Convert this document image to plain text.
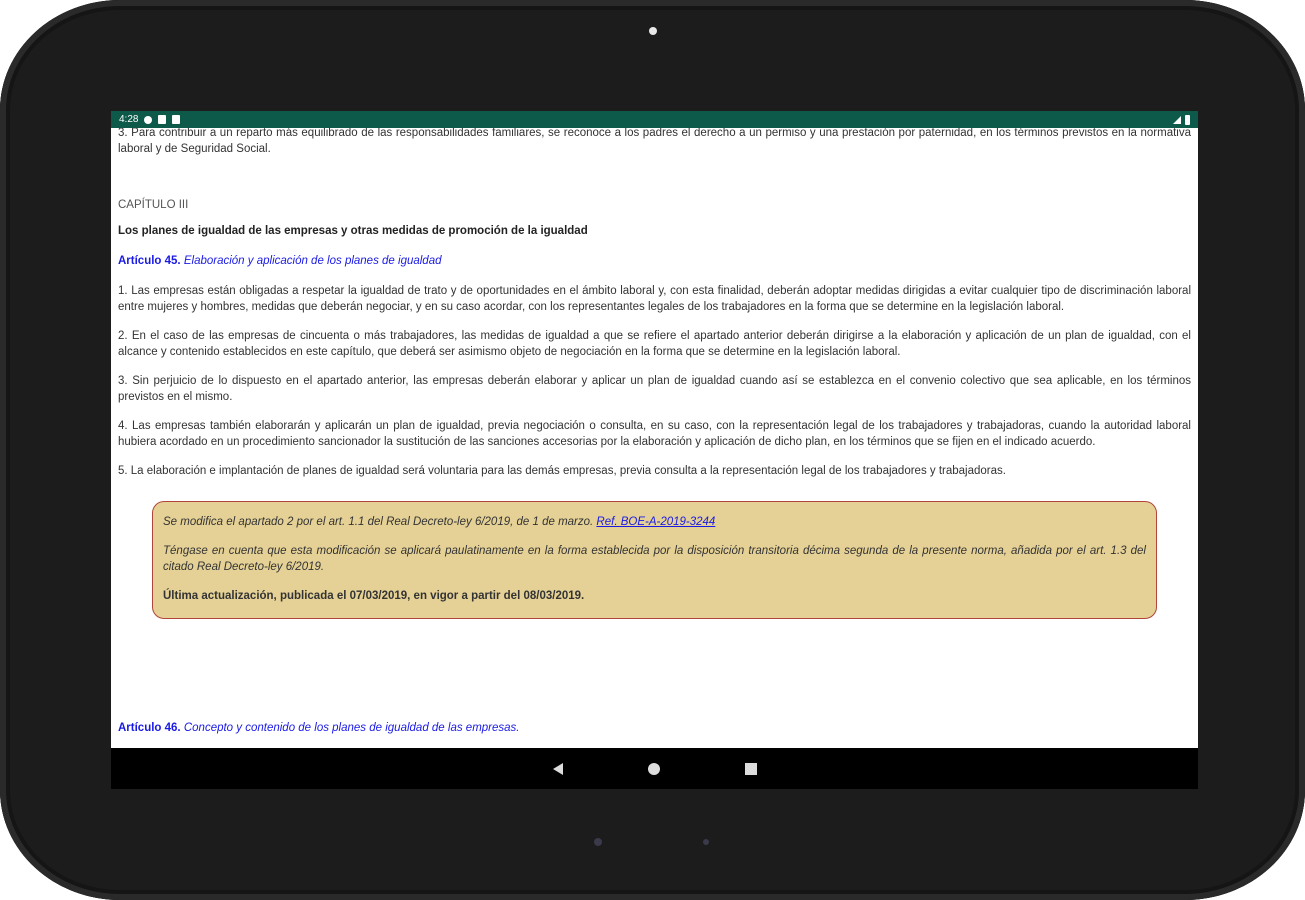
4:28

3. Para contribuir a un reparto más equilibrado de las responsabilidades familiares, se reconoce a los padres el derecho a un permiso y una prestación por paternidad, en los términos previstos en la normativa laboral y de Seguridad Social.

CAPÍTULO III

Los planes de igualdad de las empresas y otras medidas de promoción de la igualdad

Artículo 45. Elaboración y aplicación de los planes de igualdad

1. Las empresas están obligadas a respetar la igualdad de trato y de oportunidades en el ámbito laboral y, con esta finalidad, deberán adoptar medidas dirigidas a evitar cualquier tipo de discriminación laboral entre mujeres y hombres, medidas que deberán negociar, y en su caso acordar, con los representantes legales de los trabajadores en la forma que se determine en la legislación laboral.

2. En el caso de las empresas de cincuenta o más trabajadores, las medidas de igualdad a que se refiere el apartado anterior deberán dirigirse a la elaboración y aplicación de un plan de igualdad, con el alcance y contenido establecidos en este capítulo, que deberá ser asimismo objeto de negociación en la forma que se determine en la legislación laboral.

3. Sin perjuicio de lo dispuesto en el apartado anterior, las empresas deberán elaborar y aplicar un plan de igualdad cuando así se establezca en el convenio colectivo que sea aplicable, en los términos previstos en el mismo.

4. Las empresas también elaborarán y aplicarán un plan de igualdad, previa negociación o consulta, en su caso, con la representación legal de los trabajadores y trabajadoras, cuando la autoridad laboral hubiera acordado en un procedimiento sancionador la sustitución de las sanciones accesorias por la elaboración y aplicación de dicho plan, en los términos que se fijen en el indicado acuerdo.

5. La elaboración e implantación de planes de igualdad será voluntaria para las demás empresas, previa consulta a la representación legal de los trabajadores y trabajadoras.

Se modifica el apartado 2 por el art. 1.1 del Real Decreto-ley 6/2019, de 1 de marzo. Ref. BOE-A-2019-3244

Téngase en cuenta que esta modificación se aplicará paulatinamente en la forma establecida por la disposición transitoria décima segunda de la presente norma, añadida por el art. 1.3 del citado Real Decreto-ley 6/2019.

Última actualización, publicada el 07/03/2019, en vigor a partir del 08/03/2019.

Artículo 46. Concepto y contenido de los planes de igualdad de las empresas.
